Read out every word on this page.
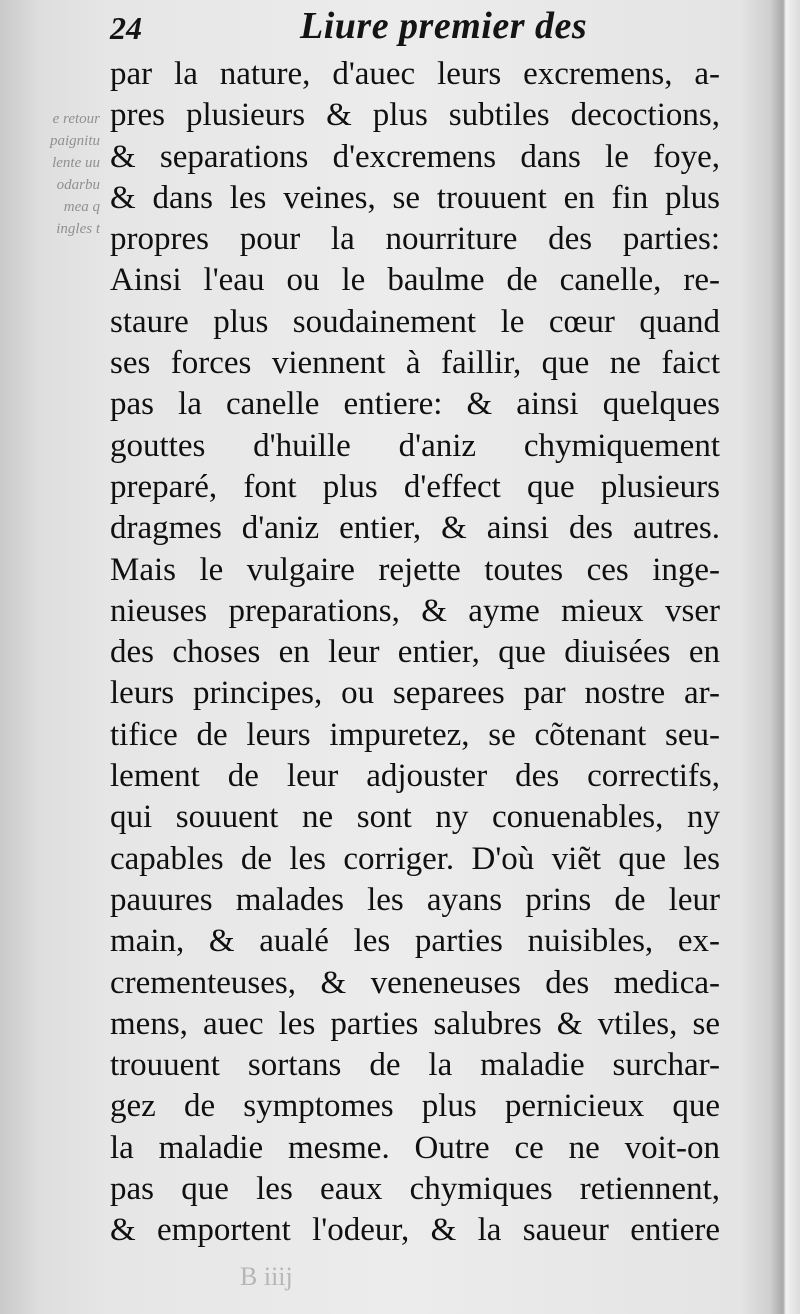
e retour
paignitu
lente uu
odarbu
mea q
ingles t
24	Liure premier des
par la nature, d'auec leurs excremens, a-
pres plusieurs & plus subtiles decoctions,
& separations d'excremens dans le foye,
& dans les veines, se trouuent en fin plus
propres pour la nourriture des parties:
Ainsi l'eau ou le baulme de canelle, re-
staure plus soudainement le cœur quand
ses forces viennent à faillir, que ne faict
pas la canelle entiere: & ainsi quelques
gouttes d'huille d'aniz chymiquement
preparé, font plus d'effect que plusieurs
dragmes d'aniz entier, & ainsi des autres.
Mais le vulgaire rejette toutes ces inge-
nieuses preparations, & ayme mieux vser
des choses en leur entier, que diuisées en
leurs principes, ou separees par nostre ar-
tifice de leurs impuretez, se cõtenant seu-
lement de leur adjouster des correctifs,
qui souuent ne sont ny conuenables, ny
capables de les corriger. D'où viẽt que les
pauures malades les ayans prins de leur
main, & aualé les parties nuisibles, ex-
crementeuses, & veneneuses des medica-
mens, auec les parties salubres & vtiles, se
trouuent sortans de la maladie surchar-
gez de symptomes plus pernicieux que
la maladie mesme. Outre ce ne voit-on
pas que les eaux chymiques retiennent,
& emportent l'odeur, & la saueur entiere
B iiij
